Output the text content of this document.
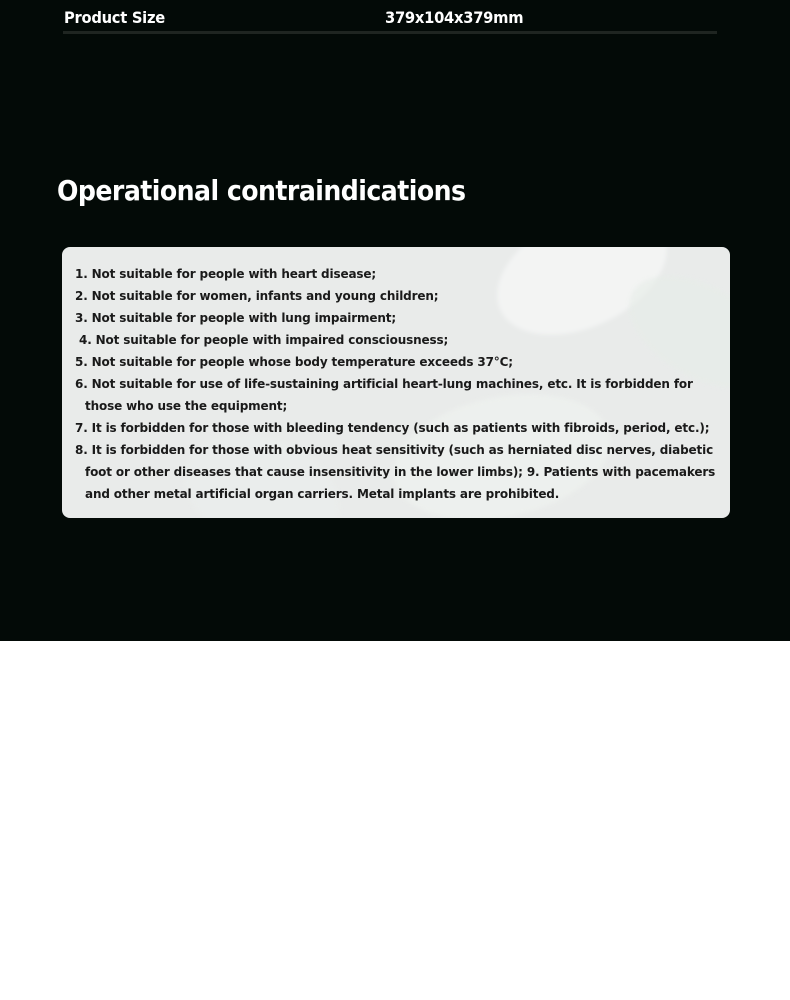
Product Size	379x104x379mm
Operational contraindications
1. Not suitable for people with heart disease;
2. Not suitable for women, infants and young children;
3. Not suitable for people with lung impairment;
4. Not suitable for people with impaired consciousness;
5. Not suitable for people whose body temperature exceeds 37°C;
6. Not suitable for use of life-sustaining artificial heart-lung machines, etc. It is forbidden for those who use the equipment;
7. It is forbidden for those with bleeding tendency (such as patients with fibroids, period, etc.);
8. It is forbidden for those with obvious heat sensitivity (such as herniated disc nerves, diabetic foot or other diseases that cause insensitivity in the lower limbs); 9. Patients with pacemakers and other metal artificial organ carriers. Metal implants are prohibited.
